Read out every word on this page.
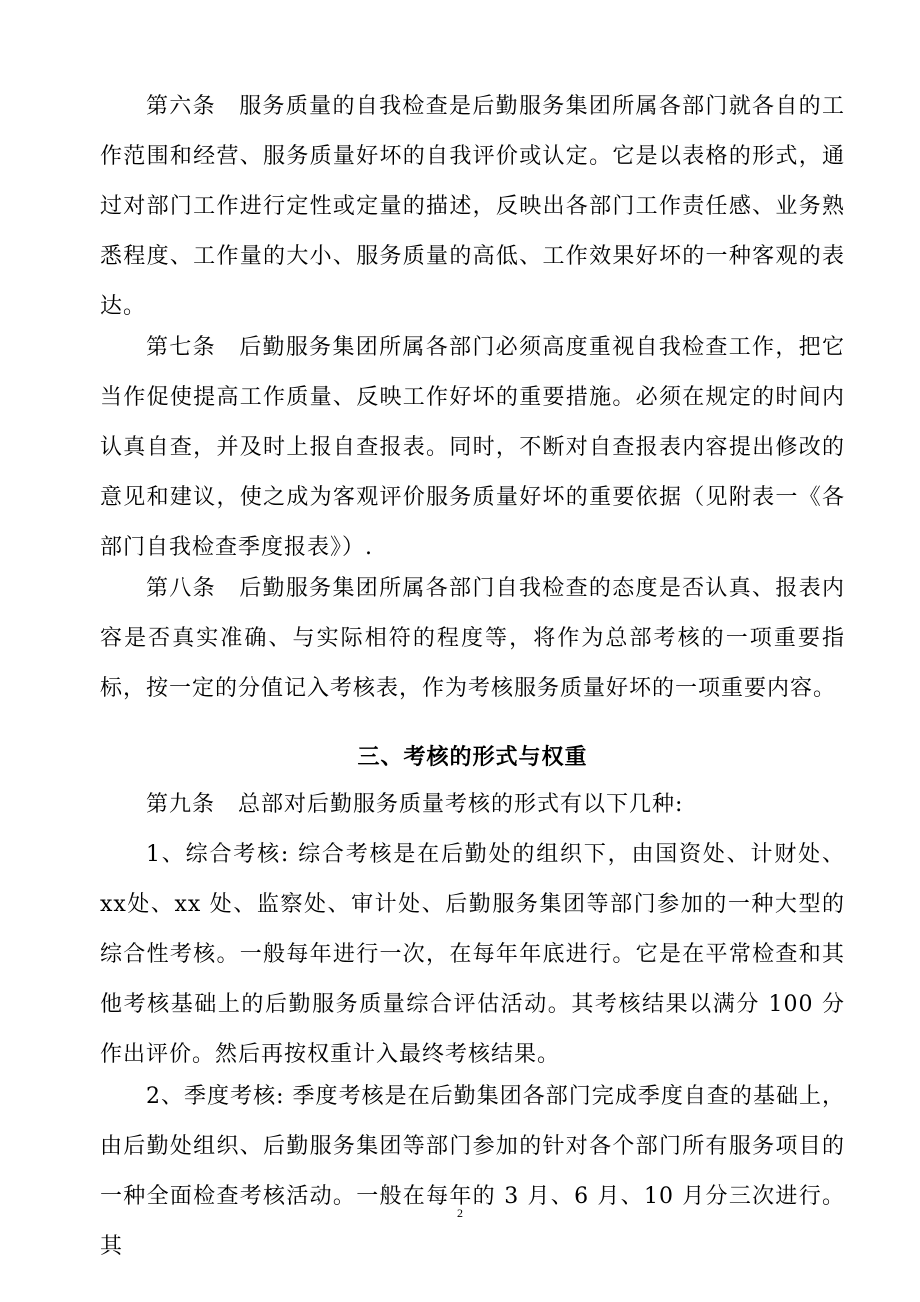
第六条　服务质量的自我检查是后勤服务集团所属各部门就各自的工作范围和经营、服务质量好坏的自我评价或认定。它是以表格的形式，通过对部门工作进行定性或定量的描述，反映出各部门工作责任感、业务熟悉程度、工作量的大小、服务质量的高低、工作效果好坏的一种客观的表达。

第七条　后勤服务集团所属各部门必须高度重视自我检查工作，把它当作促使提高工作质量、反映工作好坏的重要措施。必须在规定的时间内认真自查，并及时上报自查报表。同时，不断对自查报表内容提出修改的意见和建议，使之成为客观评价服务质量好坏的重要依据（见附表一《各部门自我检查季度报表》）.

第八条　后勤服务集团所属各部门自我检查的态度是否认真、报表内容是否真实准确、与实际相符的程度等，将作为总部考核的一项重要指标，按一定的分值记入考核表，作为考核服务质量好坏的一项重要内容。

三、考核的形式与权重

第九条　总部对后勤服务质量考核的形式有以下几种:

1、综合考核: 综合考核是在后勤处的组织下，由国资处、计财处、xx处、xx 处、监察处、审计处、后勤服务集团等部门参加的一种大型的综合性考核。一般每年进行一次，在每年年底进行。它是在平常检查和其他考核基础上的后勤服务质量综合评估活动。其考核结果以满分 100 分作出评价。然后再按权重计入最终考核结果。

2、季度考核: 季度考核是在后勤集团各部门完成季度自查的基础上，由后勤处组织、后勤服务集团等部门参加的针对各个部门所有服务项目的一种全面检查考核活动。一般在每年的 3 月、6 月、10 月分三次进行。其

2
